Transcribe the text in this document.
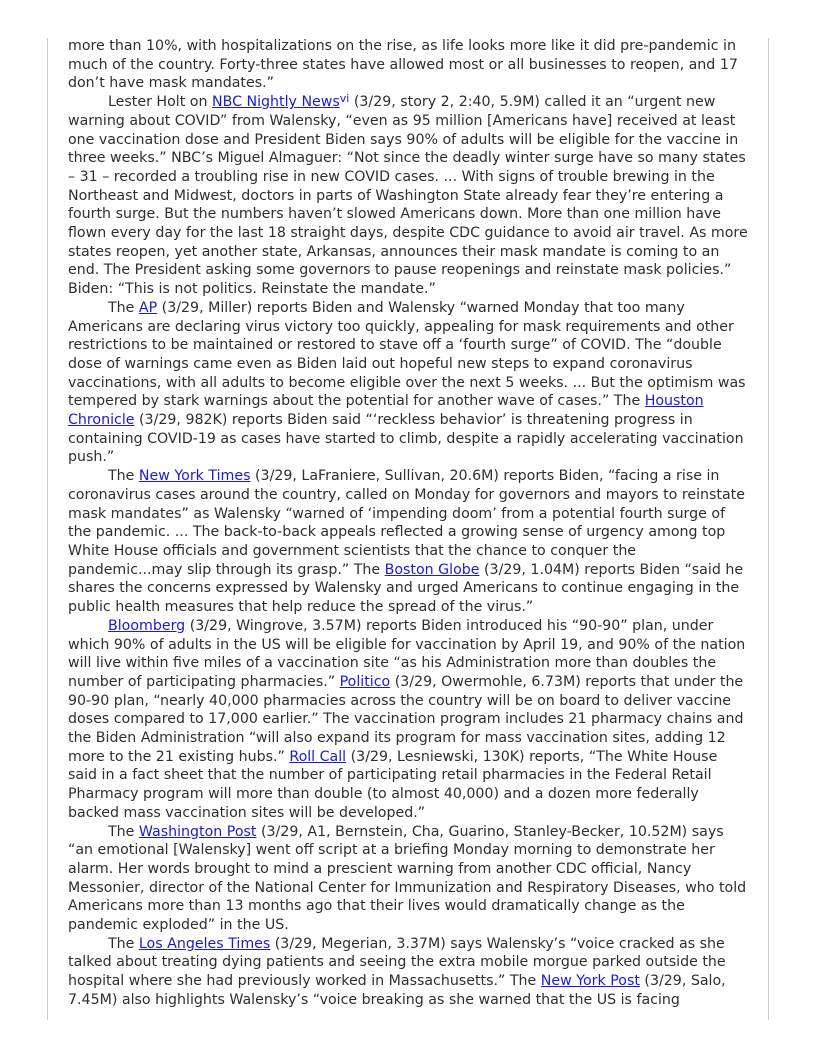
more than 10%, with hospitalizations on the rise, as life looks more like it did pre-pandemic in much of the country. Forty-three states have allowed most or all businesses to reopen, and 17 don’t have mask mandates.”

Lester Holt on NBC Nightly News$^{vi}$ (3/29, story 2, 2:40, 5.9M) called it an “urgent new warning about COVID” from Walensky, “even as 95 million [Americans have] received at least one vaccination dose and President Biden says 90% of adults will be eligible for the vaccine in three weeks.” NBC’s Miguel Almaguer: “Not since the deadly winter surge have so many states – 31 – recorded a troubling rise in new COVID cases. ... With signs of trouble brewing in the Northeast and Midwest, doctors in parts of Washington State already fear they’re entering a fourth surge. But the numbers haven’t slowed Americans down. More than one million have flown every day for the last 18 straight days, despite CDC guidance to avoid air travel. As more states reopen, yet another state, Arkansas, announces their mask mandate is coming to an end. The President asking some governors to pause reopenings and reinstate mask policies.” Biden: “This is not politics. Reinstate the mandate.”

The AP (3/29, Miller) reports Biden and Walensky “warned Monday that too many Americans are declaring virus victory too quickly, appealing for mask requirements and other restrictions to be maintained or restored to stave off a ‘fourth surge” of COVID. The “double dose of warnings came even as Biden laid out hopeful new steps to expand coronavirus vaccinations, with all adults to become eligible over the next 5 weeks. ... But the optimism was tempered by stark warnings about the potential for another wave of cases.” The Houston Chronicle (3/29, 982K) reports Biden said “‘reckless behavior’ is threatening progress in containing COVID-19 as cases have started to climb, despite a rapidly accelerating vaccination push.”

The New York Times (3/29, LaFraniere, Sullivan, 20.6M) reports Biden, “facing a rise in coronavirus cases around the country, called on Monday for governors and mayors to reinstate mask mandates” as Walensky “warned of ‘impending doom’ from a potential fourth surge of the pandemic. ... The back-to-back appeals reflected a growing sense of urgency among top White House officials and government scientists that the chance to conquer the pandemic...may slip through its grasp.” The Boston Globe (3/29, 1.04M) reports Biden “said he shares the concerns expressed by Walensky and urged Americans to continue engaging in the public health measures that help reduce the spread of the virus.”

Bloomberg (3/29, Wingrove, 3.57M) reports Biden introduced his “90-90” plan, under which 90% of adults in the US will be eligible for vaccination by April 19, and 90% of the nation will live within five miles of a vaccination site “as his Administration more than doubles the number of participating pharmacies.” Politico (3/29, Owermohle, 6.73M) reports that under the 90-90 plan, “nearly 40,000 pharmacies across the country will be on board to deliver vaccine doses compared to 17,000 earlier.” The vaccination program includes 21 pharmacy chains and the Biden Administration “will also expand its program for mass vaccination sites, adding 12 more to the 21 existing hubs.” Roll Call (3/29, Lesniewski, 130K) reports, “The White House said in a fact sheet that the number of participating retail pharmacies in the Federal Retail Pharmacy program will more than double (to almost 40,000) and a dozen more federally backed mass vaccination sites will be developed.”

The Washington Post (3/29, A1, Bernstein, Cha, Guarino, Stanley-Becker, 10.52M) says “an emotional [Walensky] went off script at a briefing Monday morning to demonstrate her alarm. Her words brought to mind a prescient warning from another CDC official, Nancy Messonier, director of the National Center for Immunization and Respiratory Diseases, who told Americans more than 13 months ago that their lives would dramatically change as the pandemic exploded” in the US.

The Los Angeles Times (3/29, Megerian, 3.37M) says Walensky’s “voice cracked as she talked about treating dying patients and seeing the extra mobile morgue parked outside the hospital where she had previously worked in Massachusetts.” The New York Post (3/29, Salo, 7.45M) also highlights Walensky’s “voice breaking as she warned that the US is facing
